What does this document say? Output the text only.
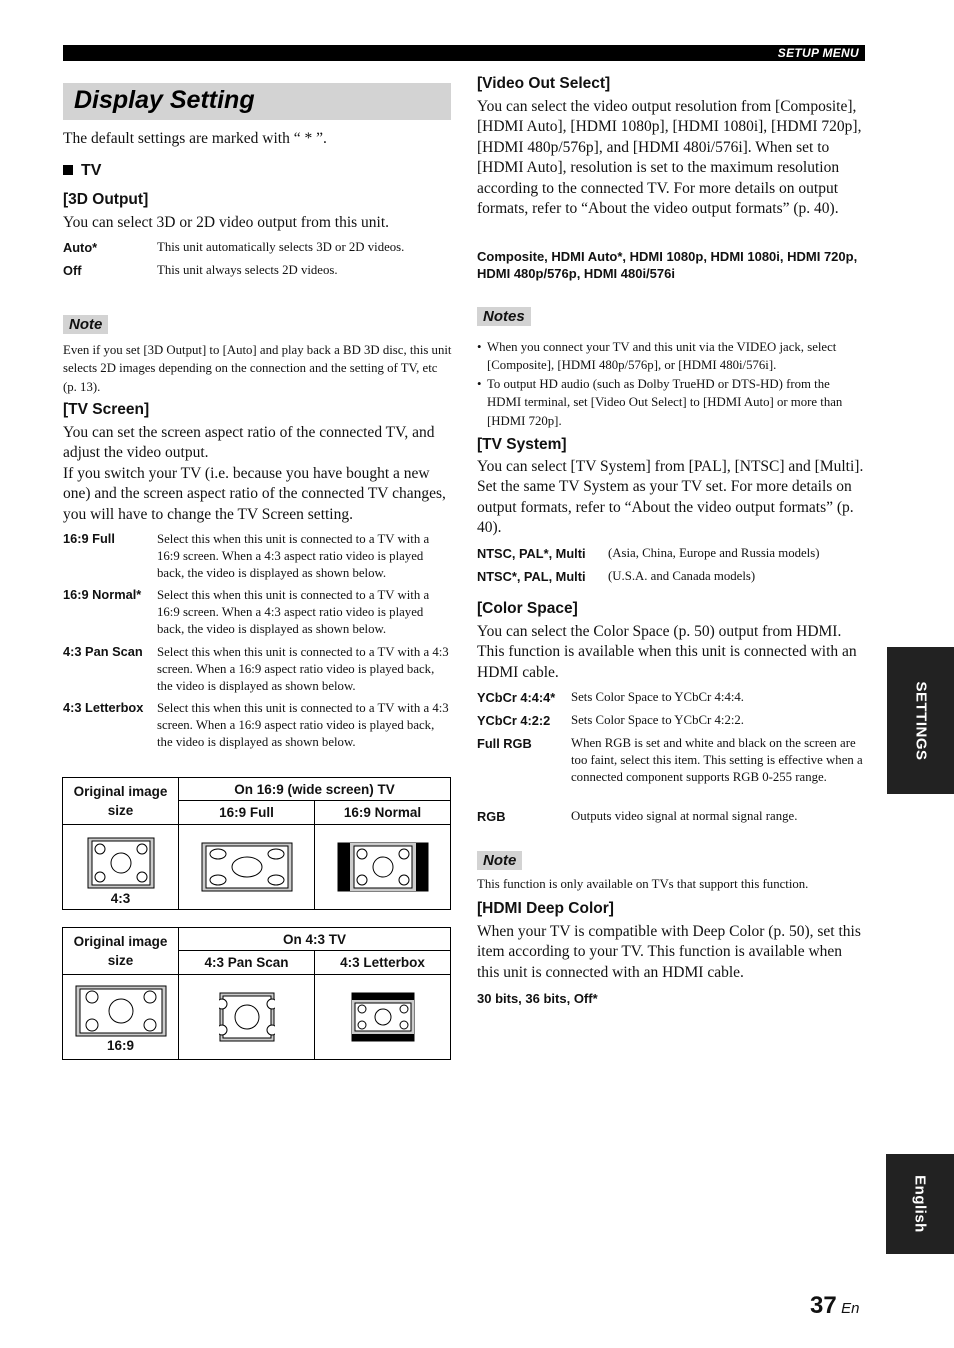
SETUP MENU
Display Setting
The default settings are marked with “ * ”.
TV
[3D Output]
You can select 3D or 2D video output from this unit.
Auto*	This unit automatically selects 3D or 2D videos.
Off	This unit always selects 2D videos.
Note
Even if you set [3D Output] to [Auto] and play back a BD 3D disc, this unit selects 2D images depending on the connection and the setting of TV, etc (p. 13).
[TV Screen]
You can set the screen aspect ratio of the connected TV, and adjust the video output.
If you switch your TV (i.e. because you have bought a new one) and the screen aspect ratio of the connected TV changes, you will have to change the TV Screen setting.
16:9 Full	Select this when this unit is connected to a TV with a 16:9 screen. When a 4:3 aspect ratio video is played back, the video is displayed as shown below.
16:9 Normal* Select this when this unit is connected to a TV with a 16:9 screen. When a 4:3 aspect ratio video is played back, the video is displayed as shown below.
4:3 Pan Scan Select this when this unit is connected to a TV with a 4:3 screen. When a 16:9 aspect ratio video is played back, the video is displayed as shown below.
4:3 Letterbox Select this when this unit is connected to a TV with a 4:3 screen. When a 16:9 aspect ratio video is played back, the video is displayed as shown below.
Original image size	On 16:9 (wide screen) TV	
	16:9 Full	16:9 Normal

4:3

Original image size	On 4:3 TV	
	4:3 Pan Scan	4:3 Letterbox

16:9

[Video Out Select]
You can select the video output resolution from [Composite], [HDMI Auto], [HDMI 1080p], [HDMI 1080i], [HDMI 720p], [HDMI 480p/576p], and [HDMI 480i/576i]. When set to [HDMI Auto], resolution is set to the maximum resolution according to the connected TV. For more details on output formats, refer to “About the video output formats” (p. 40).
Composite, HDMI Auto*, HDMI 1080p, HDMI 1080i, HDMI 720p, HDMI 480p/576p, HDMI 480i/576i
Notes
• When you connect your TV and this unit via the VIDEO jack, select [Composite], [HDMI 480p/576p], or [HDMI 480i/576i].
• To output HD audio (such as Dolby TrueHD or DTS-HD) from the HDMI terminal, set [Video Out Select] to [HDMI Auto] or more than [HDMI 720p].
[TV System]
You can select [TV System] from [PAL], [NTSC] and [Multi]. Set the same TV System as your TV set. For more details on output formats, refer to “About the video output formats” (p. 40).
NTSC, PAL*, Multi (Asia, China, Europe and Russia models)
NTSC*, PAL, Multi (U.S.A. and Canada models)
[Color Space]
You can select the Color Space (p. 50) output from HDMI. This function is available when this unit is connected with an HDMI cable.
YCbCr 4:4:4* Sets Color Space to YCbCr 4:4:4.
YCbCr 4:2:2 Sets Color Space to YCbCr 4:2:2.
Full RGB	When RGB is set and white and black on the screen are too faint, select this item. This setting is effective when a connected component supports RGB 0-255 range.
RGB	Outputs video signal at normal signal range.
Note
This function is only available on TVs that support this function.
[HDMI Deep Color]
When your TV is compatible with Deep Color (p. 50), set this item according to your TV. This function is available when this unit is connected with an HDMI cable.
30 bits, 36 bits, Off*
SETTINGS
English
37 En
